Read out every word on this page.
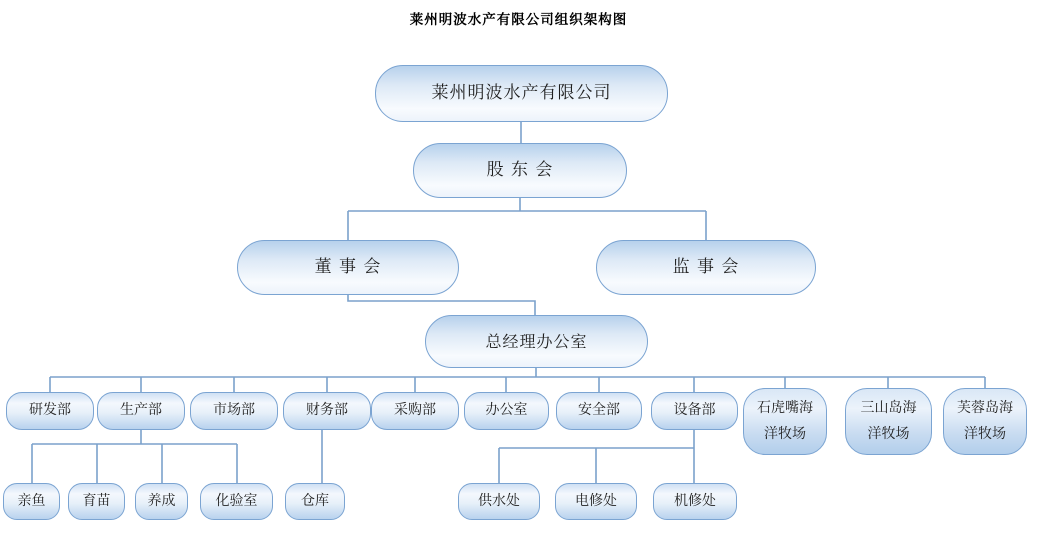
莱州明波水产有限公司组织架构图
莱州明波水产有限公司
股 东 会
董 事 会	监 事 会
总经理办公室
研发部	生产部	市场部	财务部	采购部	办公室	安全部	设备部	石虎嘴海
洋牧场
三山岛海
洋牧场
芙蓉岛海
洋牧场
亲鱼	育苗	养成	化验室	仓库	供水处	电修处	机修处
